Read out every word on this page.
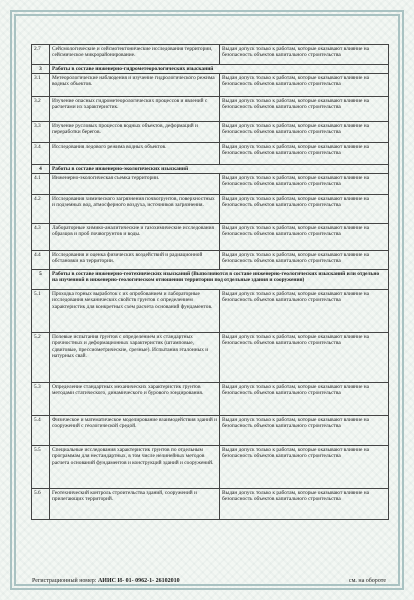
2.7	Сейсмологические и сейсмотектонические исследования территории, сейсмическое микрорайонирование.	Выдан допуск только к работам, которые оказывают влияние на безопасность объектов капитального строительства
3	Работы в составе инженерно-гидрометеорологических изысканий	
3.1	Метеорологические наблюдения и изучение гидрологического режима водных объектов.	Выдан допуск только к работам, которые оказывают влияние на безопасность объектов капитального строительства
3.2	Изучение опасных гидрометеорологических процессов и явлений с расчетами их характеристик.	Выдан допуск только к работам, которые оказывают влияние на безопасность объектов капитального строительства
3.3	Изучение русловых процессов водных объектов, деформаций и переработки берегов.	Выдан допуск только к работам, которые оказывают влияние на безопасность объектов капитального строительства
3.4	Исследования ледового режима водных объектов.	Выдан допуск только к работам, которые оказывают влияние на безопасность объектов капитального строительства
4	Работы в составе инженерно-экологических изысканий	
4.1	Инженерно-экологическая съемка территории.	Выдан допуск только к работам, которые оказывают влияние на безопасность объектов капитального строительства
4.2	Исследования химического загрязнения почвогрунтов, поверхностных и подземных вод, атмосферного воздуха, источников загрязнения.	Выдан допуск только к работам, которые оказывают влияние на безопасность объектов капитального строительства
4.3	Лабораторные химико-аналитические и газохимические исследования образцов и проб почвогрунтов и воды.	Выдан допуск только к работам, которые оказывают влияние на безопасность объектов капитального строительства
4.4	Исследования и оценка физических воздействий и радиационной обстановки на территории.	Выдан допуск только к работам, которые оказывают влияние на безопасность объектов капитального строительства
5	Работы в составе инженерно-геотехнических изысканий (Выполняются в составе инженерно-геологических изысканий или отдельно на изученной в инженерно-геологическом отношении территории под отдельные здания и сооружения)	
5.1	Проходка горных выработок с их опробованием и лабораторные исследования механических свойств грунтов с определением характеристик для конкретных схем расчета оснований фундаментов.	Выдан допуск только к работам, которые оказывают влияние на безопасность объектов капитального строительства
5.2	Полевые испытания грунтов с определением их стандартных прочностных и деформационных характеристик (штамповые, сдвиговые, прессиометрические, срезные). Испытания эталонных и натурных свай.	Выдан допуск только к работам, которые оказывают влияние на безопасность объектов капитального строительства
5.3	Определение стандартных механических характеристик грунтов методами статического, динамического и бурового зондирования.	Выдан допуск только к работам, которые оказывают влияние на безопасность объектов капитального строительства
5.4	Физическое и математическое моделирование взаимодействия зданий и сооружений с геологической средой.	Выдан допуск только к работам, которые оказывают влияние на безопасность объектов капитального строительства
5.5	Специальные исследования характеристик грунтов по отдельным программам для нестандартных, в том числе нелинейных методов расчета оснований фундаментов и конструкций зданий и сооружений.	Выдан допуск только к работам, которые оказывают влияние на безопасность объектов капитального строительства
5.6	Геотехнический контроль строительства зданий, сооружений и прилегающих территорий.	Выдан допуск только к работам, которые оказывают влияние на безопасность объектов капитального строительства
Регистрационный номер: АИИС И- 01- 0962-1- 26102010	см. на обороте
